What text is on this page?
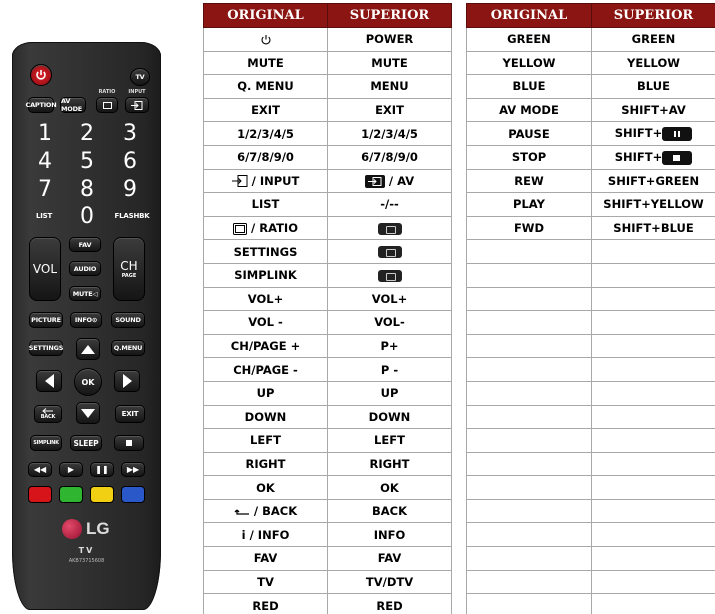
TV
CAPTION AV MODE
RATIO	INPUT
1 2 3
4 5 6
7 8 9
LIST 0	FLASHBK
VOL
FAV
AUDIO
MUTE◁
CH
PAGE
PICTURE	INFO⊙	SOUND
SETTINGS	Q.MENU
OK
BACK	EXIT
SIMPLINK	SLEEP
◀◀	▶	❚❚ ▶▶
LG
TV
AKB73715608
ORIGINAL	SUPERIOR
	POWER
MUTE	MUTE
Q. MENU	MENU
EXIT	EXIT
1/2/3/4/5	1/2/3/4/5
6/7/8/9/0	6/7/8/9/0
/ INPUT	/ AV
LIST	-/--
/ RATIO	
SETTINGS	
SIMPLINK	
VOL+	VOL+
VOL -	VOL-
CH/PAGE +	P+
CH/PAGE -	P -
UP	UP
DOWN	DOWN
LEFT	LEFT
RIGHT	RIGHT
OK	OK
/ BACK	BACK
i / INFO	INFO
FAV	FAV
TV	TV/DTV
RED	RED
ORIGINAL	SUPERIOR
GREEN	GREEN
YELLOW	YELLOW
BLUE	BLUE
AV MODE	SHIFT+AV
PAUSE	SHIFT+
STOP	SHIFT+
REW	SHIFT+GREEN
PLAY	SHIFT+YELLOW
FWD	SHIFT+BLUE
